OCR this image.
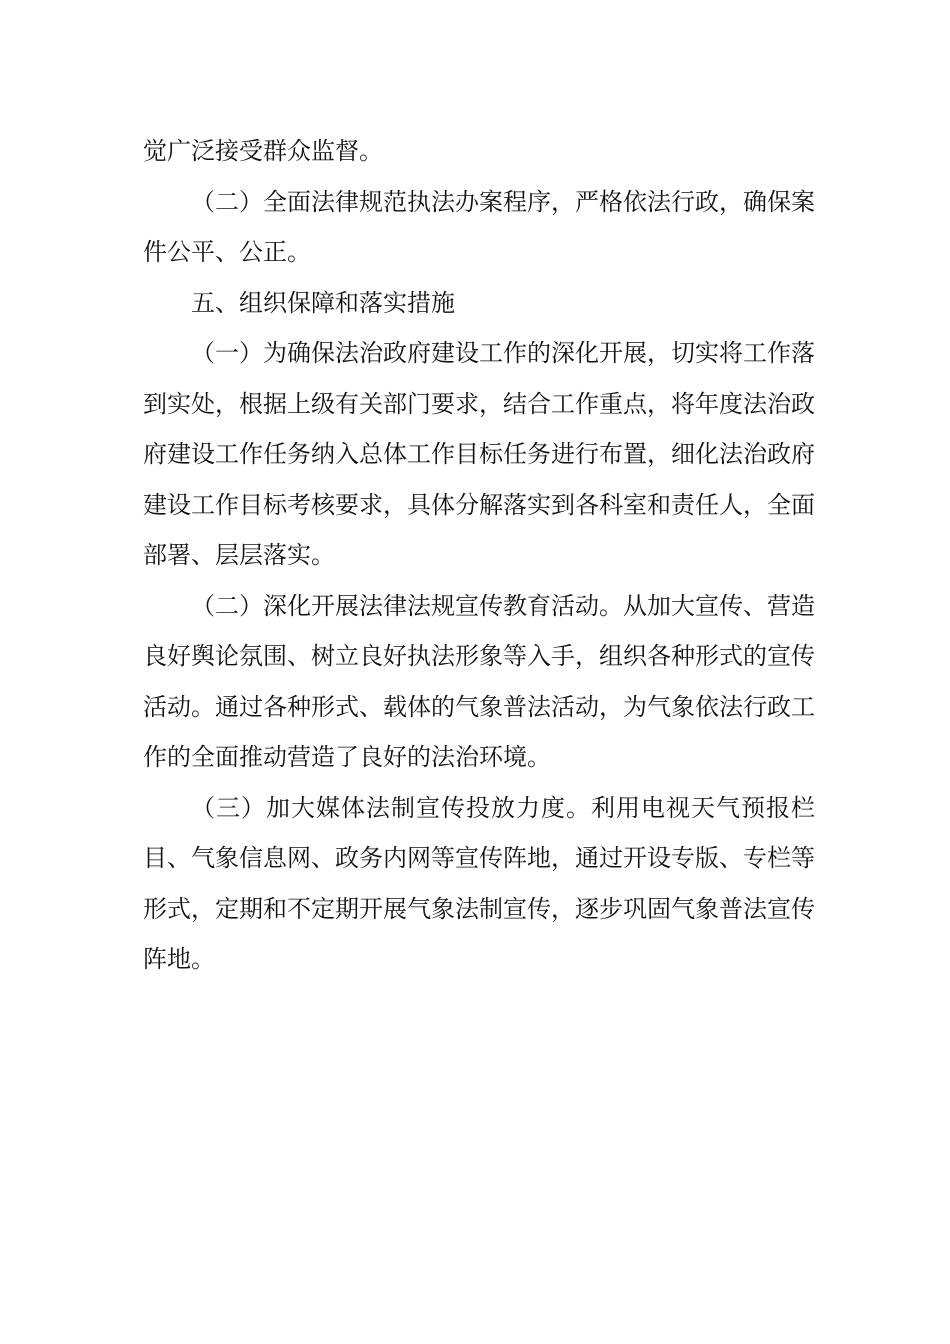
觉广泛接受群众监督。

（二）全面法律规范执法办案程序，严格依法行政，确保案件公平、公正。

五、组织保障和落实措施

（一）为确保法治政府建设工作的深化开展，切实将工作落到实处，根据上级有关部门要求，结合工作重点，将年度法治政府建设工作任务纳入总体工作目标任务进行布置，细化法治政府建设工作目标考核要求，具体分解落实到各科室和责任人，全面部署、层层落实。

（二）深化开展法律法规宣传教育活动。从加大宣传、营造良好舆论氛围、树立良好执法形象等入手，组织各种形式的宣传活动。通过各种形式、载体的气象普法活动，为气象依法行政工作的全面推动营造了良好的法治环境。

（三）加大媒体法制宣传投放力度。利用电视天气预报栏目、气象信息网、政务内网等宣传阵地，通过开设专版、专栏等形式，定期和不定期开展气象法制宣传，逐步巩固气象普法宣传阵地。
